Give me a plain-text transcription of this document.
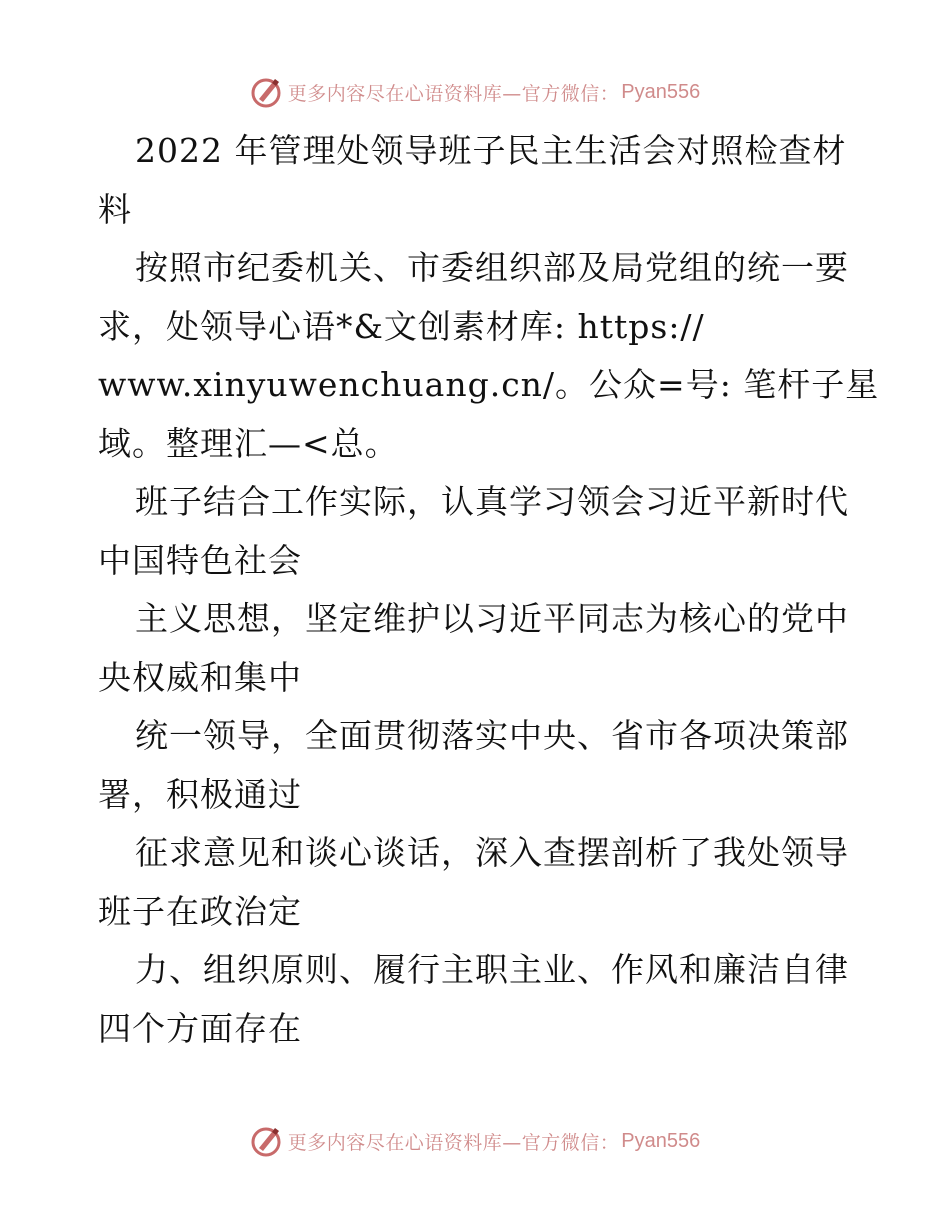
更多内容尽在心语资料库—官方微信： Pyan556
2022 年管理处领导班子民主生活会对照检查材
料
按照市纪委机关、市委组织部及局党组的统一要
求，处领导心语*&文创素材库: https://
www.xinyuwenchuang.cn/。公众=号: 笔杆子星
域。整理汇—<总。
班子结合工作实际，认真学习领会习近平新时代
中国特色社会
主义思想，坚定维护以习近平同志为核心的党中
央权威和集中
统一领导，全面贯彻落实中央、省市各项决策部
署，积极通过
征求意见和谈心谈话，深入查摆剖析了我处领导
班子在政治定
力、组织原则、履行主职主业、作风和廉洁自律
四个方面存在
更多内容尽在心语资料库—官方微信： Pyan556
